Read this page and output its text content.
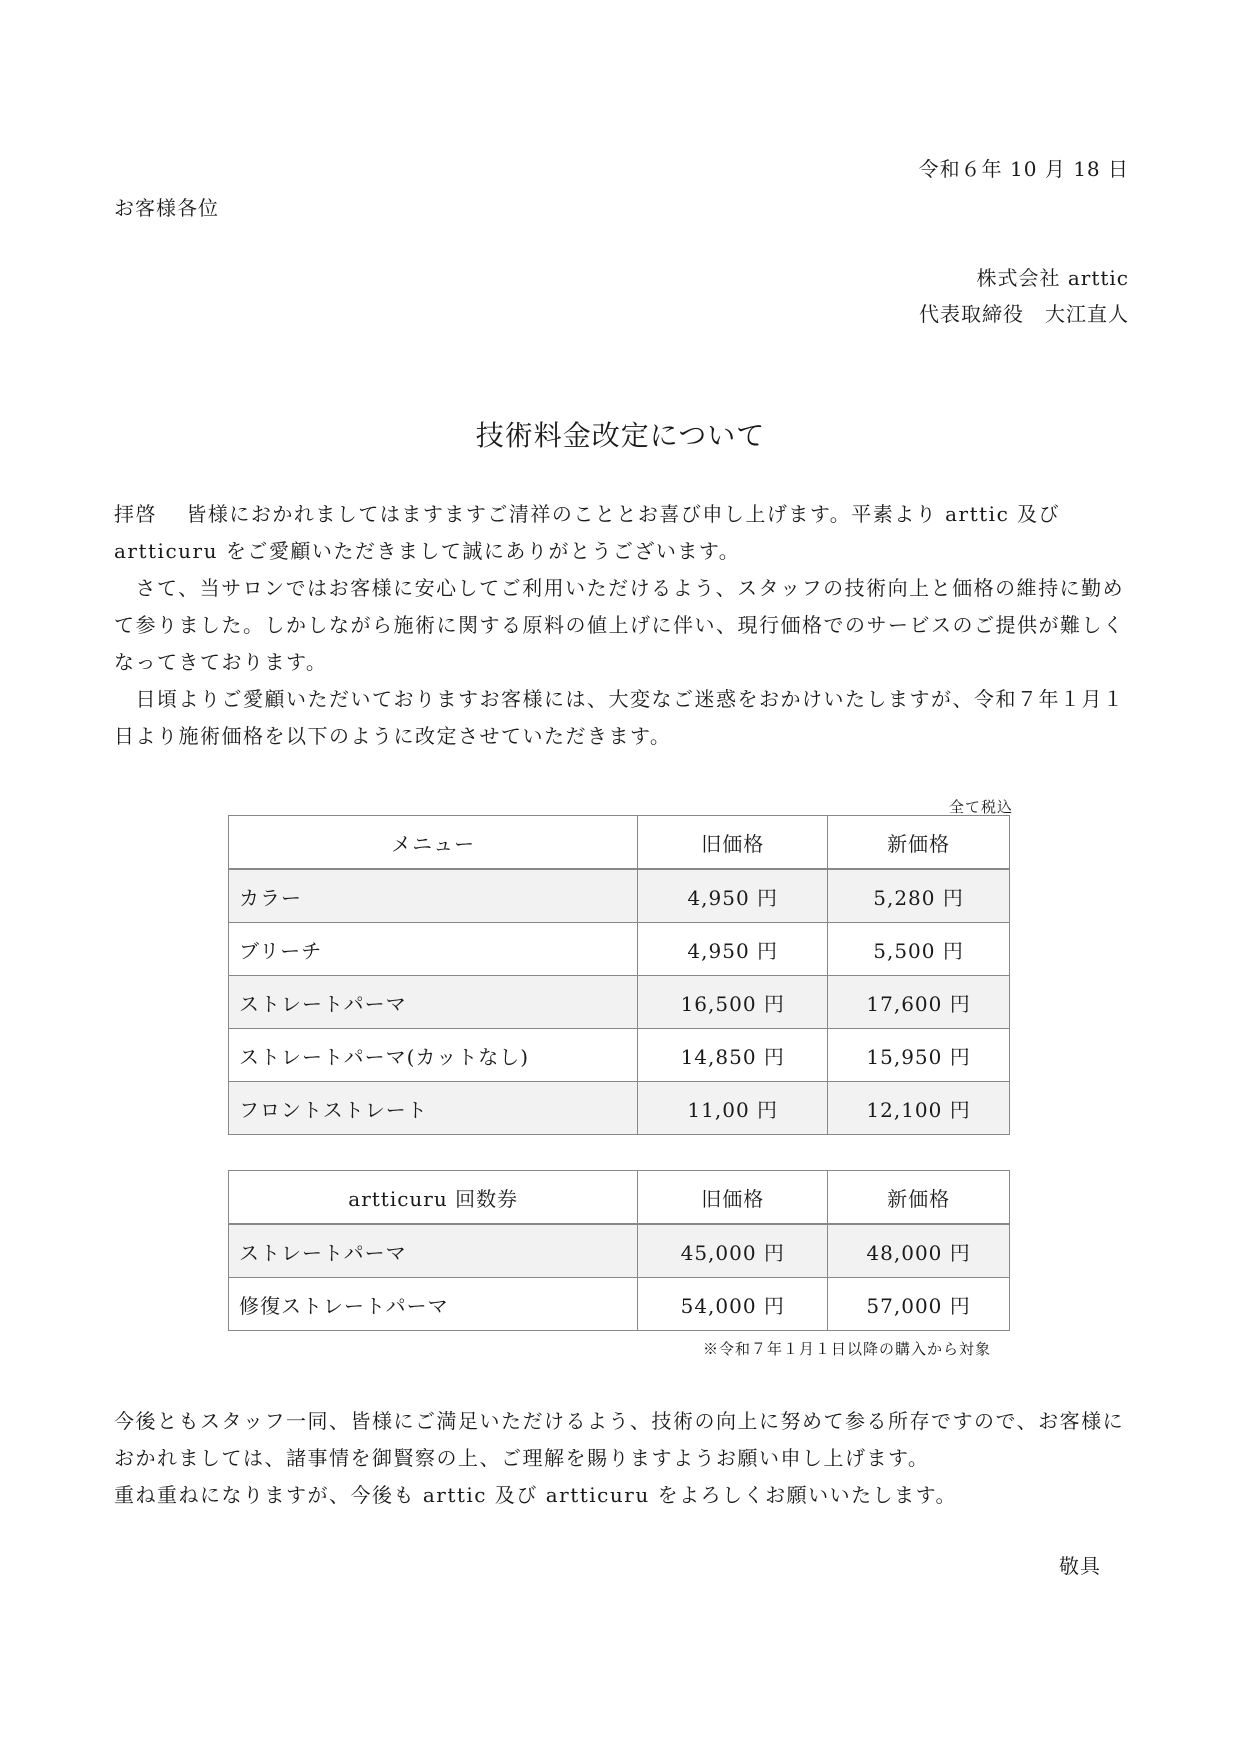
令和６年 10 月 18 日
お客様各位
株式会社 arttic
代表取締役　大江直人
技術料金改定について

拝啓　 皆様におかれましてはますますご清祥のこととお喜び申し上げます。平素より arttic 及び

artticuru をご愛顧いただきまして誠にありがとうございます。

　さて、当サロンではお客様に安心してご利用いただけるよう、スタッフの技術向上と価格の維持に勤めて参りました。しかしながら施術に関する原料の値上げに伴い、現行価格でのサービスのご提供が難しくなってきております。

　日頃よりご愛顧いただいておりますお客様には、大変なご迷惑をおかけいたしますが、令和７年１月１日より施術価格を以下のように改定させていただきます。

全て税込
メニュー	旧価格	新価格
カラー	4,950 円	5,280 円
ブリーチ	4,950 円	5,500 円
ストレートパーマ	16,500 円	17,600 円
ストレートパーマ(カットなし)	14,850 円	15,950 円
フロントストレート	11,00 円	12,100 円
artticuru 回数券	旧価格	新価格
ストレートパーマ	45,000 円	48,000 円
修復ストレートパーマ	54,000 円	57,000 円
※令和７年１月１日以降の購入から対象

今後ともスタッフ一同、皆様にご満足いただけるよう、技術の向上に努めて参る所存ですので、お客様におかれましては、諸事情を御賢察の上、ご理解を賜りますようお願い申し上げます。

重ね重ねになりますが、今後も arttic 及び artticuru をよろしくお願いいたします。

敬具
